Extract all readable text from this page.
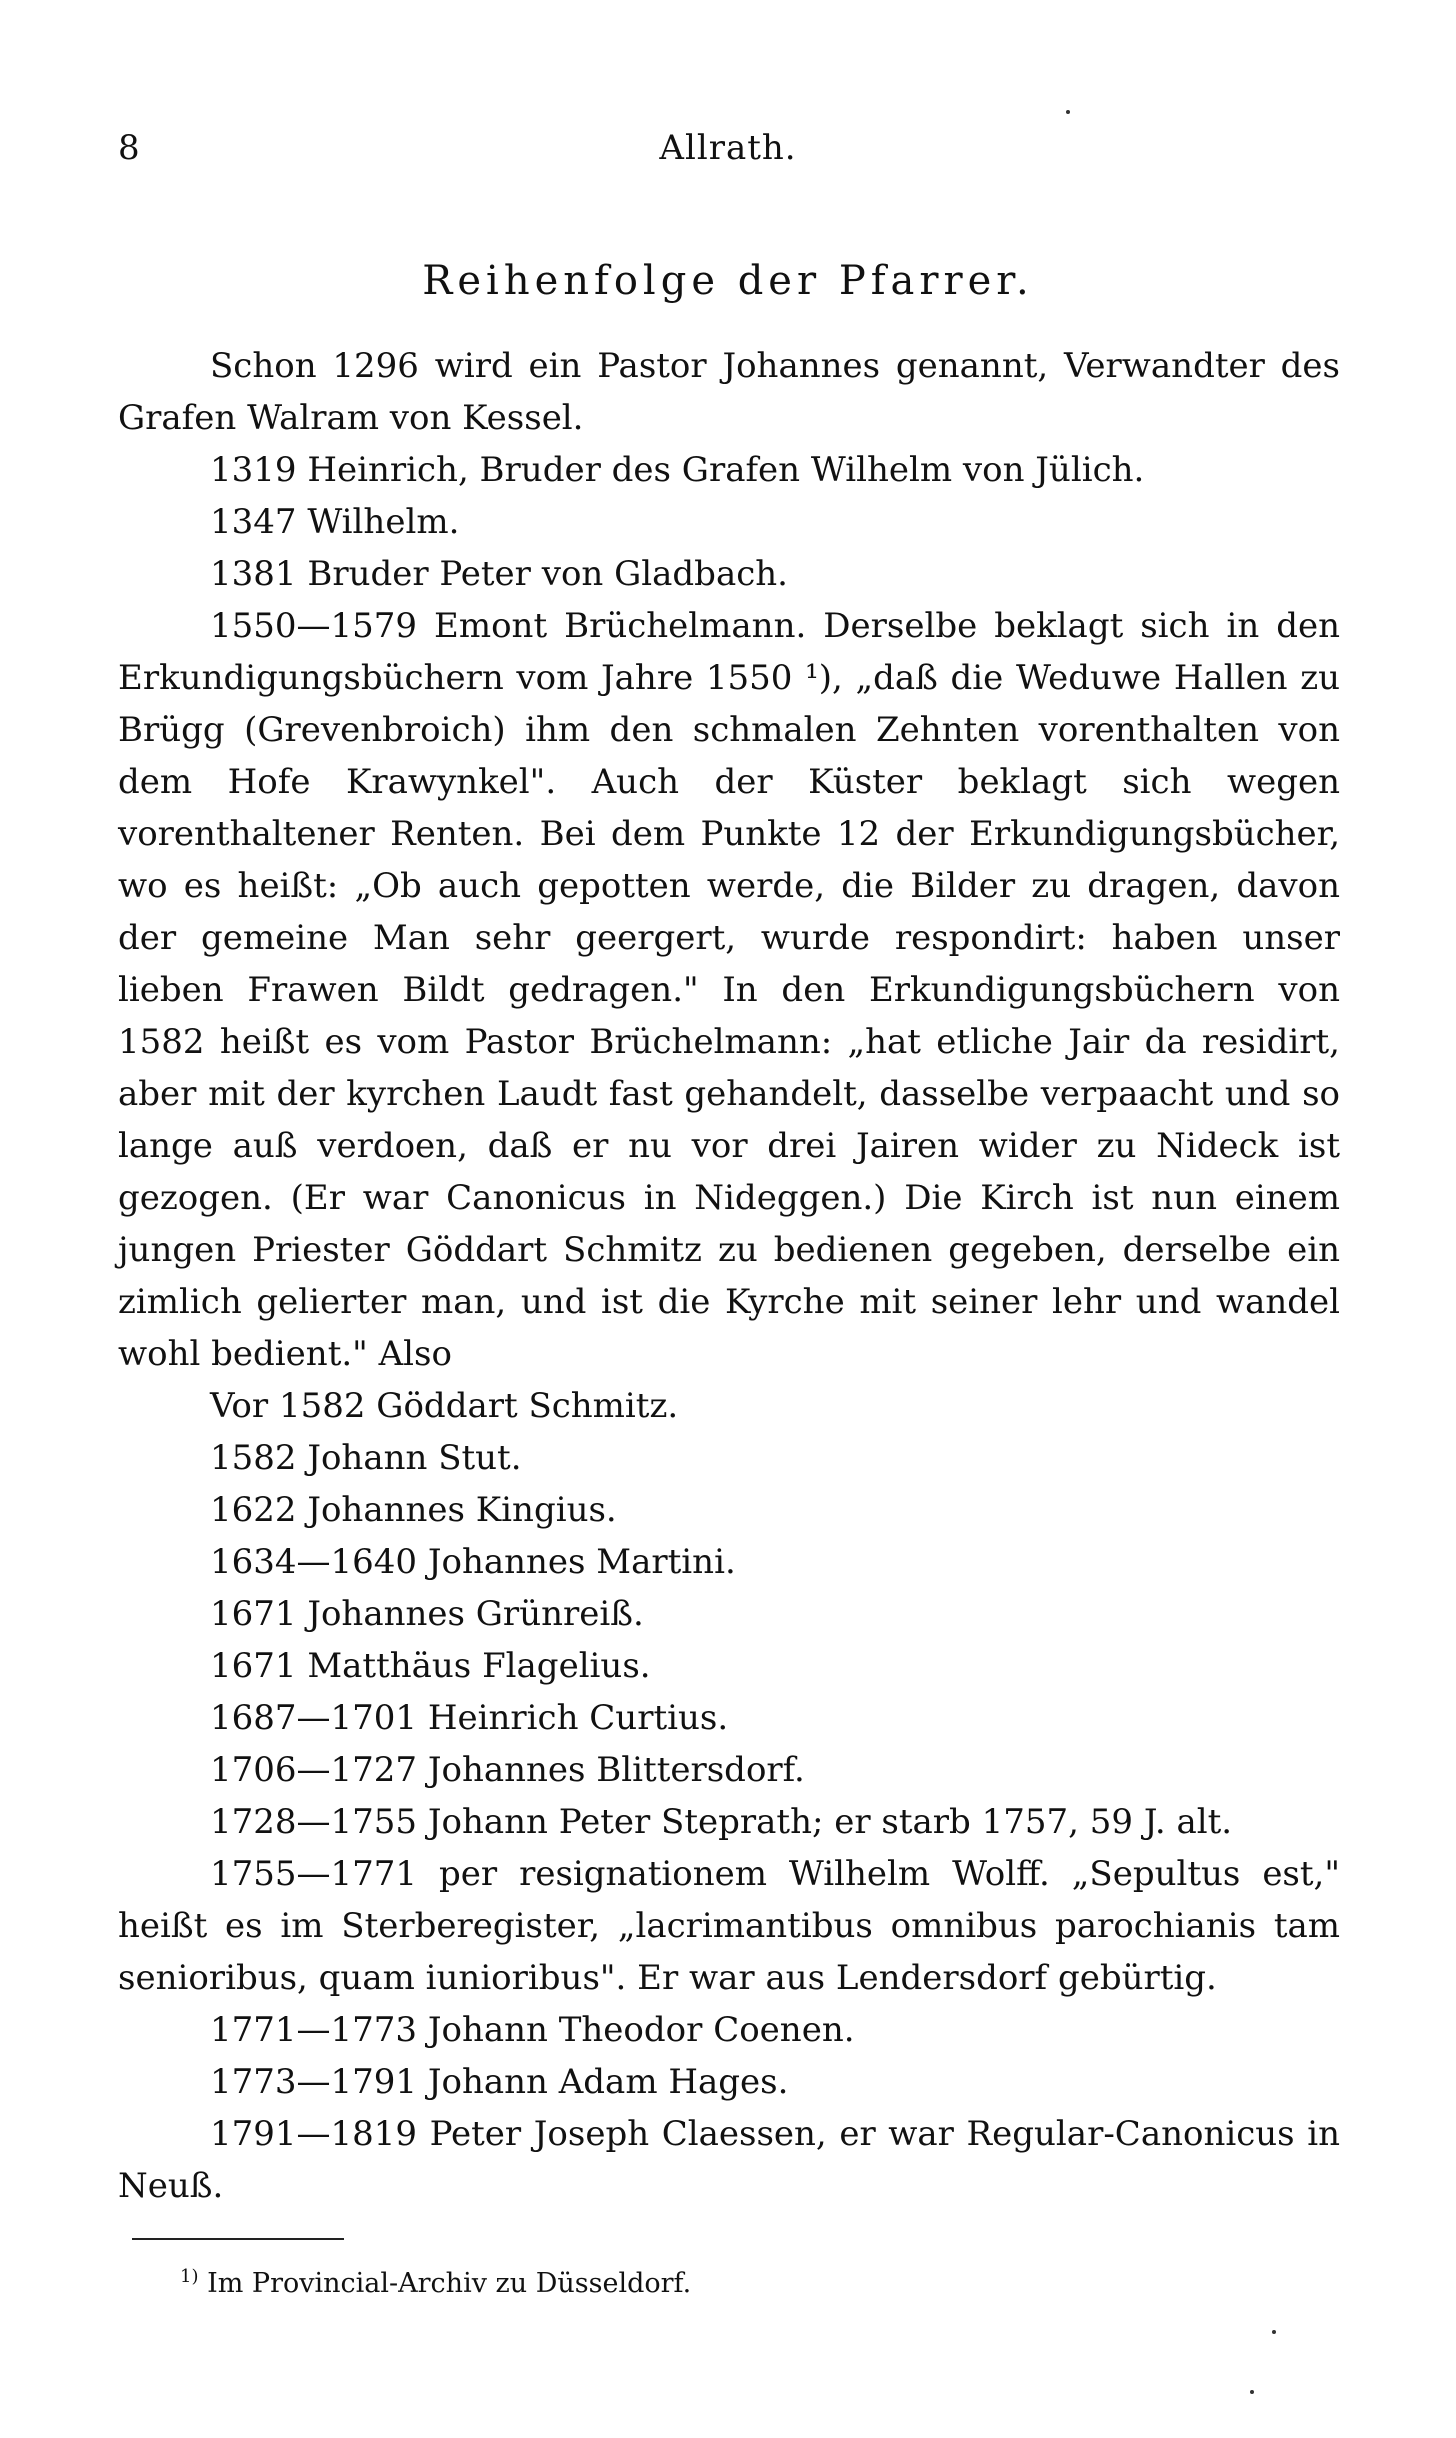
8	Allrath.
Reihenfolge der Pfarrer.

Schon 1296 wird ein Pastor Johannes genannt, Verwandter des Grafen Walram von Kessel.

1319 Heinrich, Bruder des Grafen Wilhelm von Jülich.

1347 Wilhelm.

1381 Bruder Peter von Gladbach.

1550—1579 Emont Brüchelmann. Derselbe beklagt sich in den Erkundigungsbüchern vom Jahre 1550 ¹), „daß die Weduwe Hallen zu Brügg (Grevenbroich) ihm den schmalen Zehnten vorenthalten von dem Hofe Krawynkel". Auch der Küster beklagt sich wegen vorenthaltener Renten. Bei dem Punkte 12 der Erkundigungsbücher, wo es heißt: „Ob auch gepotten werde, die Bilder zu dragen, davon der gemeine Man sehr geergert, wurde respondirt: haben unser lieben Frawen Bildt gedragen." In den Erkundigungsbüchern von 1582 heißt es vom Pastor Brüchelmann: „hat etliche Jair da residirt, aber mit der kyrchen Laudt fast gehandelt, dasselbe verpaacht und so lange auß verdoen, daß er nu vor drei Jairen wider zu Nideck ist gezogen. (Er war Canonicus in Nideggen.) Die Kirch ist nun einem jungen Priester Göddart Schmitz zu bedienen gegeben, derselbe ein zimlich gelierter man, und ist die Kyrche mit seiner lehr und wandel wohl bedient." Also

Vor 1582 Göddart Schmitz.

1582 Johann Stut.

1622 Johannes Kingius.

1634—1640 Johannes Martini.

1671 Johannes Grünreiß.

1671 Matthäus Flagelius.

1687—1701 Heinrich Curtius.

1706—1727 Johannes Blittersdorf.

1728—1755 Johann Peter Steprath; er starb 1757, 59 J. alt.

1755—1771 per resignationem Wilhelm Wolff. „Sepultus est," heißt es im Sterberegister, „lacrimantibus omnibus parochianis tam senioribus, quam iunioribus". Er war aus Lendersdorf gebürtig.

1771—1773 Johann Theodor Coenen.

1773—1791 Johann Adam Hages.

1791—1819 Peter Joseph Claessen, er war Regular-Canonicus in Neuß.

$^{1)}$ Im Provincial-Archiv zu Düsseldorf.
